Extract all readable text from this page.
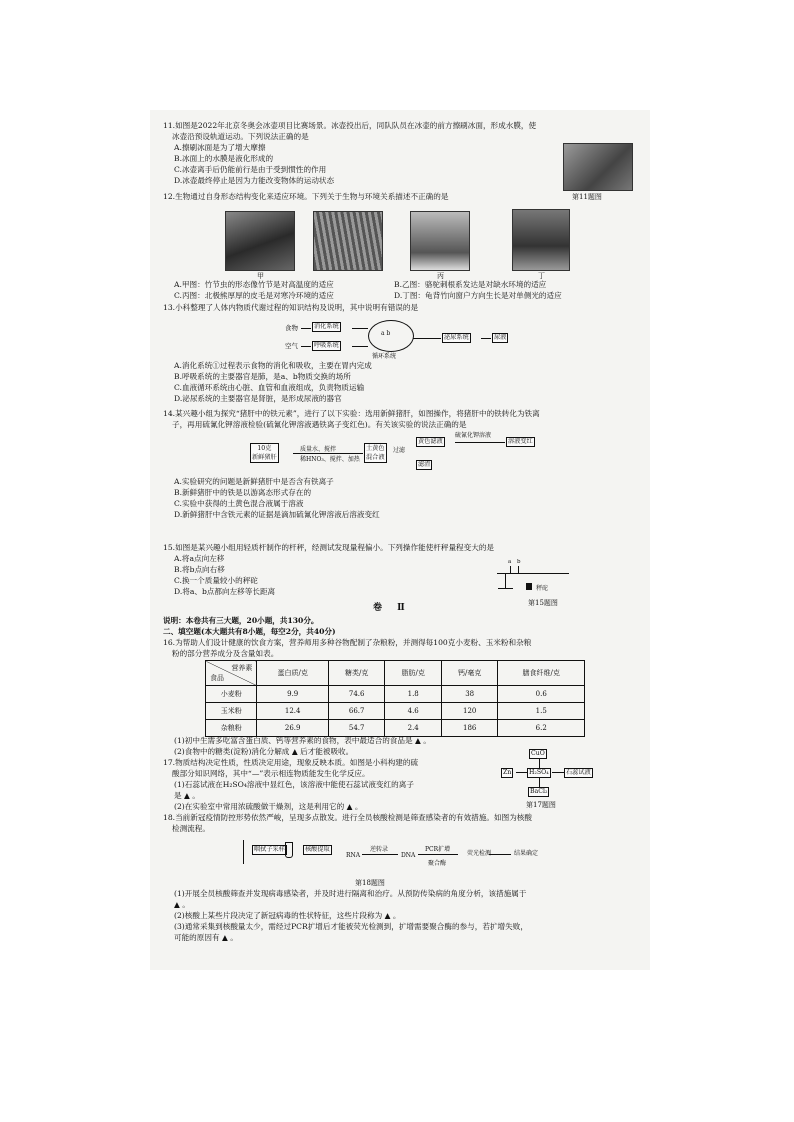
11.如图是2022年北京冬奥会冰壶项目比赛场景。冰壶投出后，同队队员在冰壶的前方擦刷冰面，形成水膜，使
冰壶沿预设轨道运动。下列说法正确的是
A.擦刷冰面是为了增大摩擦
B.冰面上的水膜是液化形成的
C.冰壶离手后仍能前行是由于受到惯性的作用
D.冰壶最终停止是因为力能改变物体的运动状态
第11题图
12.生物通过自身形态结构变化来适应环境。下列关于生物与环境关系描述不正确的是
甲	丙	丁
A.甲图：竹节虫的形态像竹节是对高温度的适应	B.乙图：骆驼刺根系发达是对缺水环境的适应
C.丙图：北极熊厚厚的皮毛是对寒冷环境的适应	D.丁图：龟背竹向窗户方向生长是对单侧光的适应
13.小科整理了人体内物质代谢过程的知识结构及说明，其中说明有错误的是
食物
空气
消化系统
呼吸系统
a b
循环系统
泌尿系统	尿液
A.消化系统①过程表示食物的消化和吸收，主要在胃内完成
B.呼吸系统的主要器官是肺，是a、b物质交换的场所
C.血液循环系统由心脏、血管和血液组成，负责物质运输
D.泌尿系统的主要器官是肾脏，是形成尿液的器官
14.某兴趣小组为探究“猪肝中的铁元素”，进行了以下实验：选用新鲜猪肝，如图操作，将猪肝中的铁转化为铁离
子，再用硫氰化钾溶液检验(硫氰化钾溶液遇铁离子变红色)。有关该实验的说法正确的是
10克
新鲜猪肝
质量水、搅拌
稀HNO₃、搅拌、加热
土黄色
混合液
过滤
黄色滤液
滤渣
硫氰化钾溶液
溶液变红
A.实验研究的问题是新鲜猪肝中是否含有铁离子
B.新鲜猪肝中的铁是以游离态形式存在的
C.实验中获得的土黄色混合液属于溶液
D.新鲜猪肝中含铁元素的证据是滴加硫氰化钾溶液后溶液变红
15.如图是某兴趣小组用轻质杆制作的杆秤，经测试发现量程偏小。下列操作能使杆秤量程变大的是
A.将a点向左移
B.将b点向右移
C.换一个质量较小的秤砣
D.将a、b点都向左移等长距离	秤砣
a b
第15题图
卷 Ⅱ
说明：本卷共有三大题，20小题，共130分。
二、填空题(本大题共有8小题，每空2分，共40分)
16.为帮助人们设计健康的饮食方案，营养师用多种谷物配制了杂粮粉，并测得每100克小麦粉、玉米粉和杂粮
粉的部分营养成分及含量如表。
营养素
食品	蛋白质/克	糖类/克	脂肪/克	钙/毫克	膳食纤维/克
小麦粉	9.9	74.6	1.8	38	0.6
玉米粉	12.4	66.7	4.6	120	1.5
杂粮粉	26.9	54.7	2.4	186	6.2
(1)初中生需多吃富含蛋白质、钙等营养素的食物，表中最适合的食品是 ▲ 。
(2)食物中的糖类(淀粉)消化分解成 ▲ 后才能被吸收。
17.物质结构决定性质，性质决定用途，现象反映本质。如图是小科构建的硫
酸部分知识网络，其中“—”表示相连物质能发生化学反应。
(1)石蕊试液在H₂SO₄溶液中显红色，该溶液中能使石蕊试液变红的离子
是 ▲ 。
(2)在实验室中常用浓硫酸做干燥剂，这是利用它的 ▲ 。
CuO
Zn	H₂SO₄	石蕊试液
BaCl₂
第17题图
18.当前新冠疫情防控形势依然严峻，呈现多点散发。进行全员核酸检测是筛查感染者的有效措施。如图为核酸
检测流程。
咽拭子采样	核酸提取
RNA
逆转录
DNA
PCR扩增
聚合酶
荧光检测	结果确定
第18题图
(1)开展全员核酸筛查并发现病毒感染者，并及时进行隔离和治疗。从预防传染病的角度分析，该措施属于
▲ 。
(2)核酸上某些片段决定了新冠病毒的性状特征，这些片段称为 ▲ 。
(3)通常采集到核酸量太少，需经过PCR扩增后才能被荧光检测到，扩增需要聚合酶的参与，若扩增失败，
可能的原因有 ▲ 。
